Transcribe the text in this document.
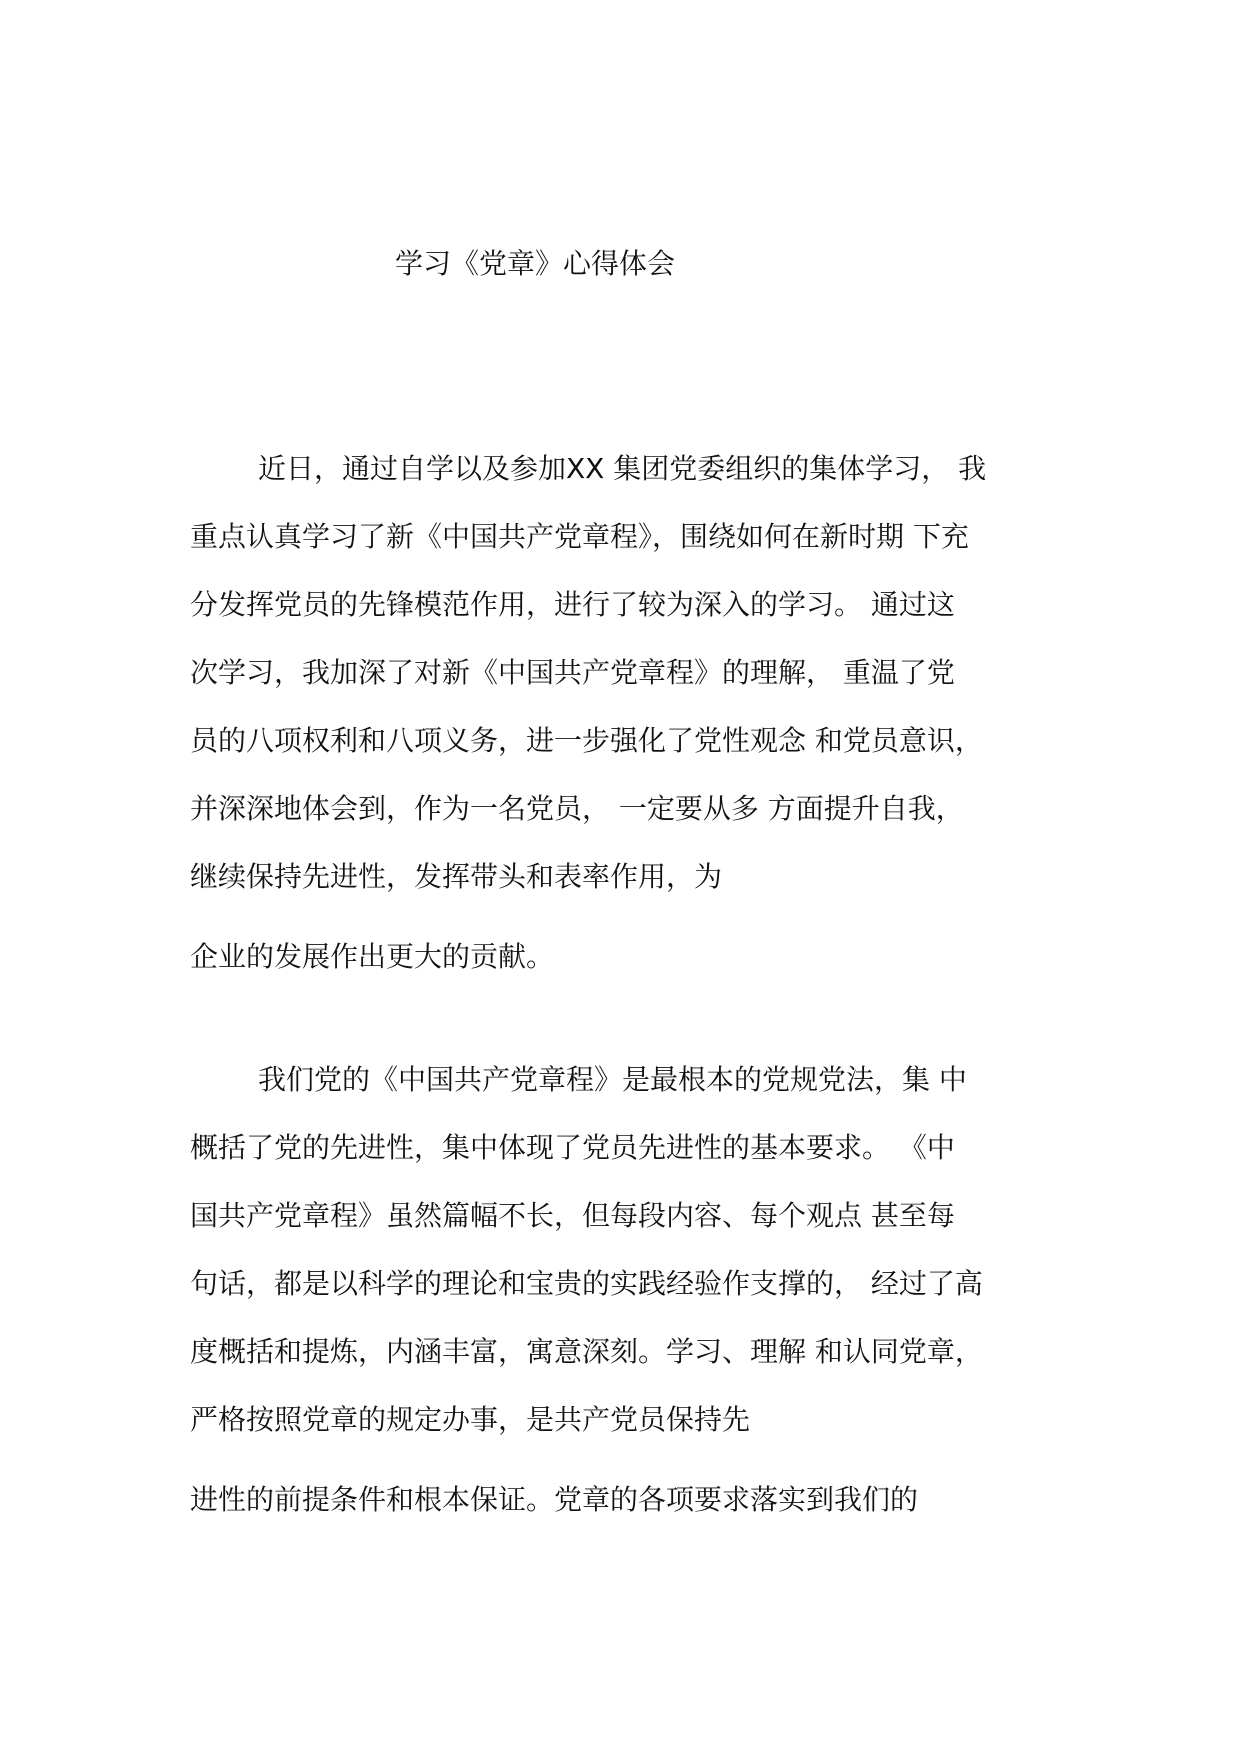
学习《党章》心得体会
近日，通过自学以及参加XX 集团党委组织的集体学习， 我
重点认真学习了新《中国共产党章程》，围绕如何在新时期 下充
分发挥党员的先锋模范作用，进行了较为深入的学习。 通过这
次学习，我加深了对新《中国共产党章程》的理解， 重温了党
员的八项权利和八项义务，进一步强化了党性观念 和党员意识，
并深深地体会到，作为一名党员， 一定要从多 方面提升自我，
继续保持先进性，发挥带头和表率作用，为
企业的发展作出更大的贡献。
我们党的《中国共产党章程》是最根本的党规党法，集 中
概括了党的先进性，集中体现了党员先进性的基本要求。 《中
国共产党章程》虽然篇幅不长，但每段内容、每个观点 甚至每
句话，都是以科学的理论和宝贵的实践经验作支撑的， 经过了高
度概括和提炼，内涵丰富，寓意深刻。学习、理解 和认同党章，
严格按照党章的规定办事，是共产党员保持先
进性的前提条件和根本保证。党章的各项要求落实到我们的
